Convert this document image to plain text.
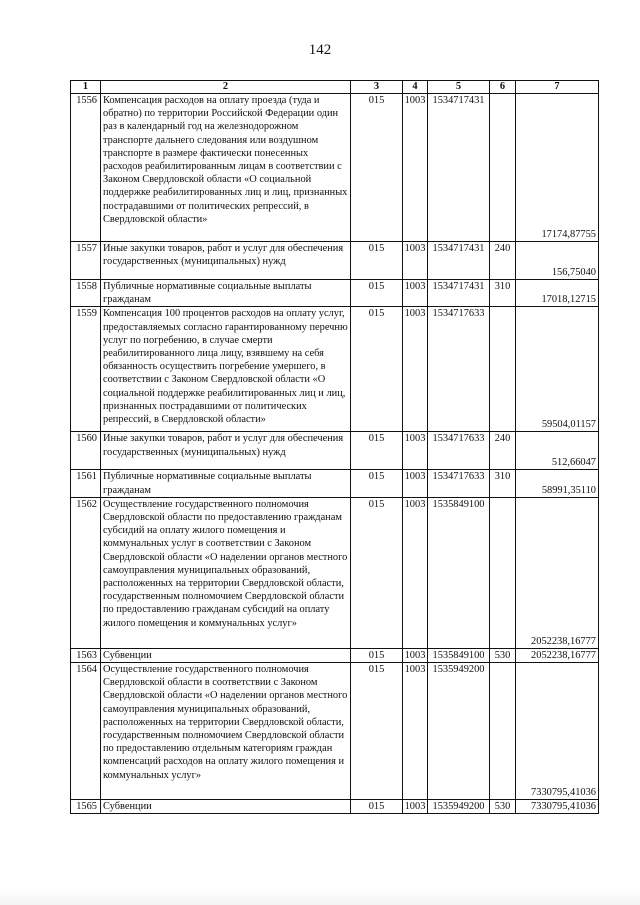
142
1	2	3	4	5	6	7
1556	Компенсация расходов на оплату проезда (туда и обратно) по территории Российской Федерации один раз в календарный год на железнодорожном транспорте дальнего следования или воздушном транспорте в размере фактически понесенных расходов реабилитированным лицам в соответствии с Законом Свердловской области «О социальной поддержке реабилитированных лиц и лиц, признанных пострадавшими от политических репрессий, в Свердловской области»	015	1003	1534717431		17174,87755
1557	Иные закупки товаров, работ и услуг для обеспечения государственных (муниципальных) нужд	015	1003	1534717431	240	156,75040
1558	Публичные нормативные социальные выплаты гражданам	015	1003	1534717431	310	17018,12715
1559	Компенсация 100 процентов расходов на оплату услуг, предоставляемых согласно гарантированному перечню услуг по погребению, в случае смерти реабилитированного лица лицу, взявшему на себя обязанность осуществить погребение умершего, в соответствии с Законом Свердловской области «О социальной поддержке реабилитированных лиц и лиц, признанных пострадавшими от политических репрессий, в Свердловской области»	015	1003	1534717633		59504,01157
1560	Иные закупки товаров, работ и услуг для обеспечения государственных (муниципальных) нужд	015	1003	1534717633	240	512,66047
1561	Публичные нормативные социальные выплаты гражданам	015	1003	1534717633	310	58991,35110
1562	Осуществление государственного полномочия Свердловской области по предоставлению гражданам субсидий на оплату жилого помещения и коммунальных услуг в соответствии с Законом Свердловской области «О наделении органов местного самоуправления муниципальных образований, расположенных на территории Свердловской области, государственным полномочием Свердловской области по предоставлению гражданам субсидий на оплату жилого помещения и коммунальных услуг»	015	1003	1535849100		2052238,16777
1563	Субвенции	015	1003	1535849100	530	2052238,16777
1564	Осуществление государственного полномочия Свердловской области в соответствии с Законом Свердловской области «О наделении органов местного самоуправления муниципальных образований, расположенных на территории Свердловской области, государственным полномочием Свердловской области по предоставлению отдельным категориям граждан компенсаций расходов на оплату жилого помещения и коммунальных услуг»	015	1003	1535949200		7330795,41036
1565	Субвенции	015	1003	1535949200	530	7330795,41036
